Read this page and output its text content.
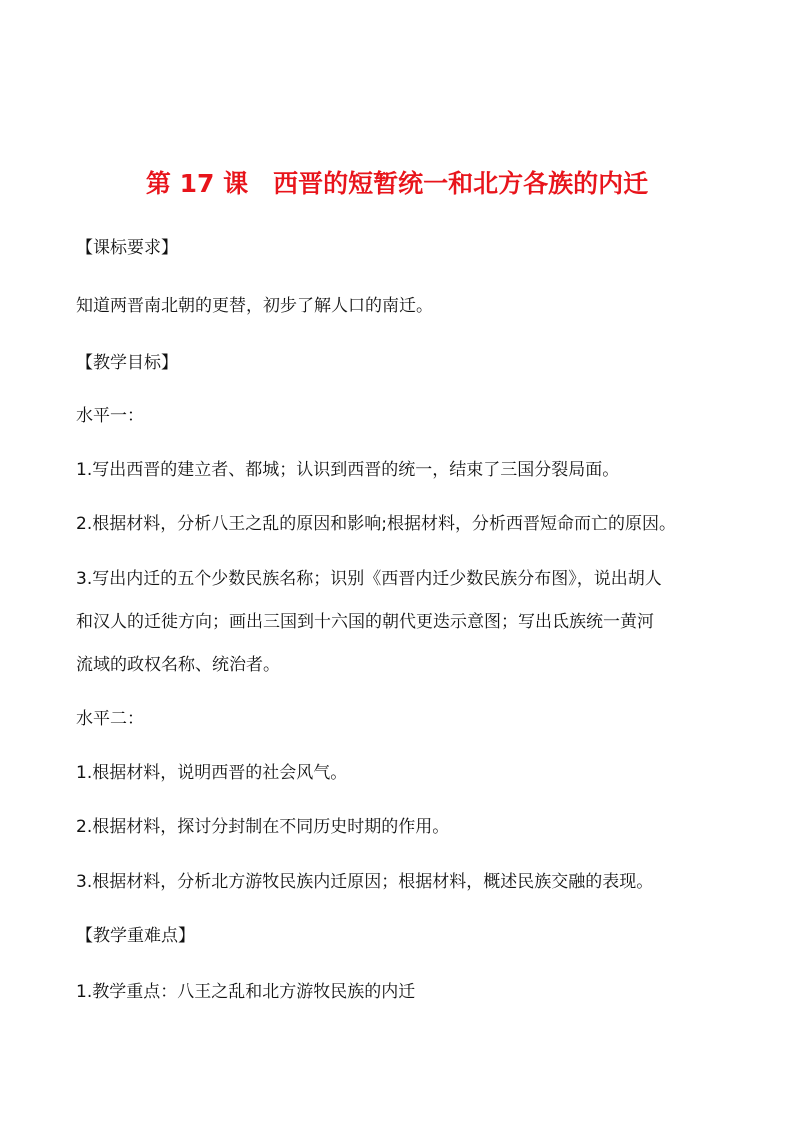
第 17 课　西晋的短暂统一和北方各族的内迁
【课标要求】
知道两晋南北朝的更替，初步了解人口的南迁。
【教学目标】
水平一：
1.写出西晋的建立者、都城；认识到西晋的统一，结束了三国分裂局面。
2.根据材料，分析八王之乱的原因和影响;根据材料，分析西晋短命而亡的原因。
3.写出内迁的五个少数民族名称；识别《西晋内迁少数民族分布图》，说出胡人
和汉人的迁徙方向；画出三国到十六国的朝代更迭示意图；写出氐族统一黄河
流域的政权名称、统治者。
水平二：
1.根据材料，说明西晋的社会风气。
2.根据材料，探讨分封制在不同历史时期的作用。
3.根据材料，分析北方游牧民族内迁原因；根据材料，概述民族交融的表现。
【教学重难点】
1.教学重点：八王之乱和北方游牧民族的内迁
